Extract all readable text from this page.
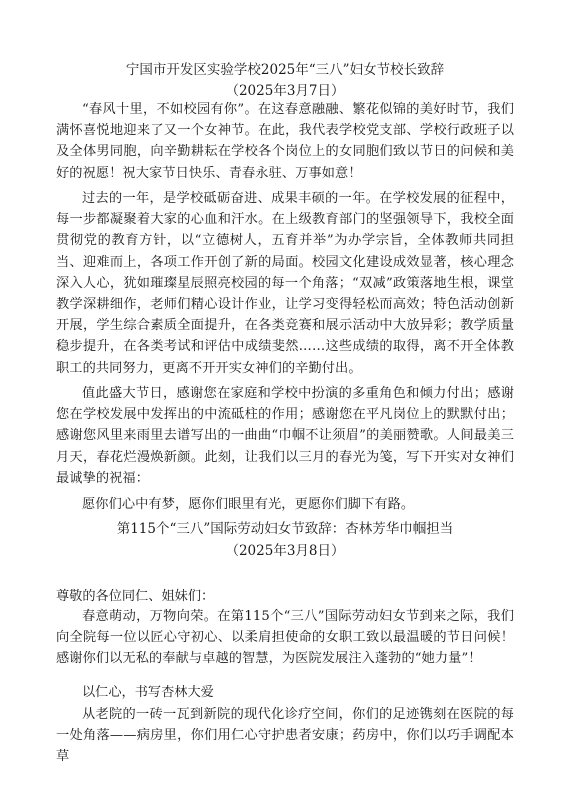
宁国市开发区实验学校2025年“三八”妇女节校长致辞
（2025年3月7日）
“春风十里，不如校园有你”。在这春意融融、繁花似锦的美好时节，我们满怀喜悦地迎来了又一个女神节。在此，我代表学校党支部、学校行政班子以及全体男同胞，向辛勤耕耘在学校各个岗位上的女同胞们致以节日的问候和美好的祝愿！祝大家节日快乐、青春永驻、万事如意！
过去的一年，是学校砥砺奋进、成果丰硕的一年。在学校发展的征程中，每一步都凝聚着大家的心血和汗水。在上级教育部门的坚强领导下，我校全面贯彻党的教育方针，以“立德树人，五育并举”为办学宗旨，全体教师共同担当、迎难而上，各项工作开创了新的局面。校园文化建设成效显著，核心理念深入人心，犹如璀璨星辰照亮校园的每一个角落；“双减”政策落地生根，课堂教学深耕细作，老师们精心设计作业，让学习变得轻松而高效；特色活动创新开展，学生综合素质全面提升，在各类竞赛和展示活动中大放异彩；教学质量稳步提升，在各类考试和评估中成绩斐然……这些成绩的取得，离不开全体教职工的共同努力，更离不开开实女神们的辛勤付出。
值此盛大节日，感谢您在家庭和学校中扮演的多重角色和倾力付出；感谢您在学校发展中发挥出的中流砥柱的作用；感谢您在平凡岗位上的默默付出；感谢您风里来雨里去谱写出的一曲曲“巾帼不让须眉”的美丽赞歌。人间最美三月天，春花烂漫焕新颜。此刻，让我们以三月的春光为笺，写下开实对女神们最诚挚的祝福：
愿你们心中有梦，愿你们眼里有光，更愿你们脚下有路。
第115个“三八”国际劳动妇女节致辞：杏林芳华巾帼担当
（2025年3月8日）
尊敬的各位同仁、姐妹们：
春意萌动，万物向荣。在第115个“三八”国际劳动妇女节到来之际，我们向全院每一位以匠心守初心、以柔肩担使命的女职工致以最温暖的节日问候！感谢你们以无私的奉献与卓越的智慧，为医院发展注入蓬勃的“她力量”！
以仁心，书写杏林大爱
从老院的一砖一瓦到新院的现代化诊疗空间，你们的足迹镌刻在医院的每一处角落——病房里，你们用仁心守护患者安康；药房中，你们以巧手调配本草
